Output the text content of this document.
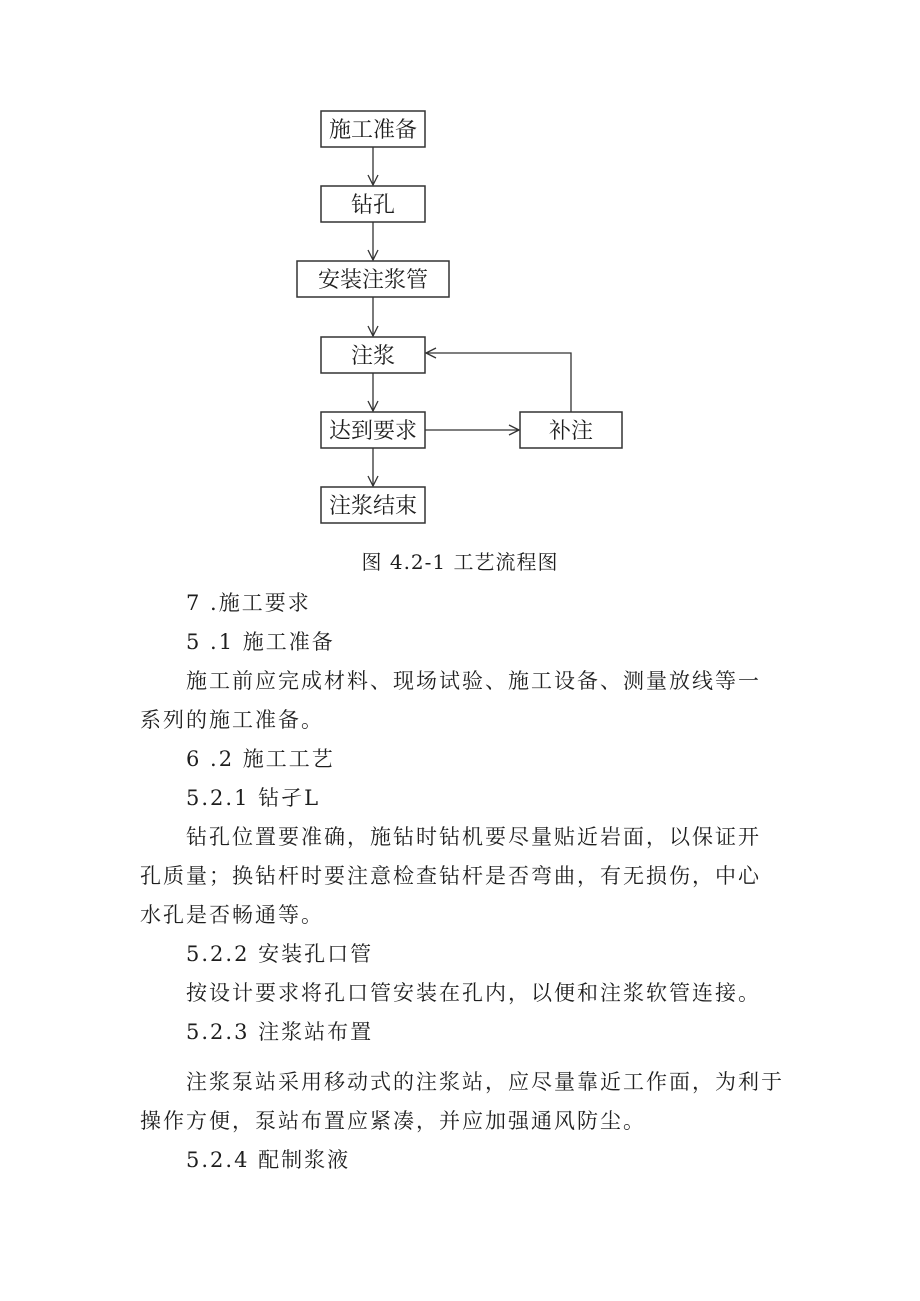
施工准备
钻孔
安装注浆管
注浆
达到要求	补注
注浆结束
图 4.2-1 工艺流程图
7 .施工要求
5 .1 施工准备
施工前应完成材料、现场试验、施工设备、测量放线等一
系列的施工准备。
6 .2 施工工艺
5.2.1 钻孑L
钻孔位置要准确，施钻时钻机要尽量贴近岩面，以保证开
孔质量；换钻杆时要注意检查钻杆是否弯曲，有无损伤，中心
水孔是否畅通等。
5.2.2 安装孔口管
按设计要求将孔口管安装在孔内，以便和注浆软管连接。
5.2.3 注浆站布置
注浆泵站采用移动式的注浆站，应尽量靠近工作面，为利于
操作方便，泵站布置应紧凑，并应加强通风防尘。
5.2.4 配制浆液
